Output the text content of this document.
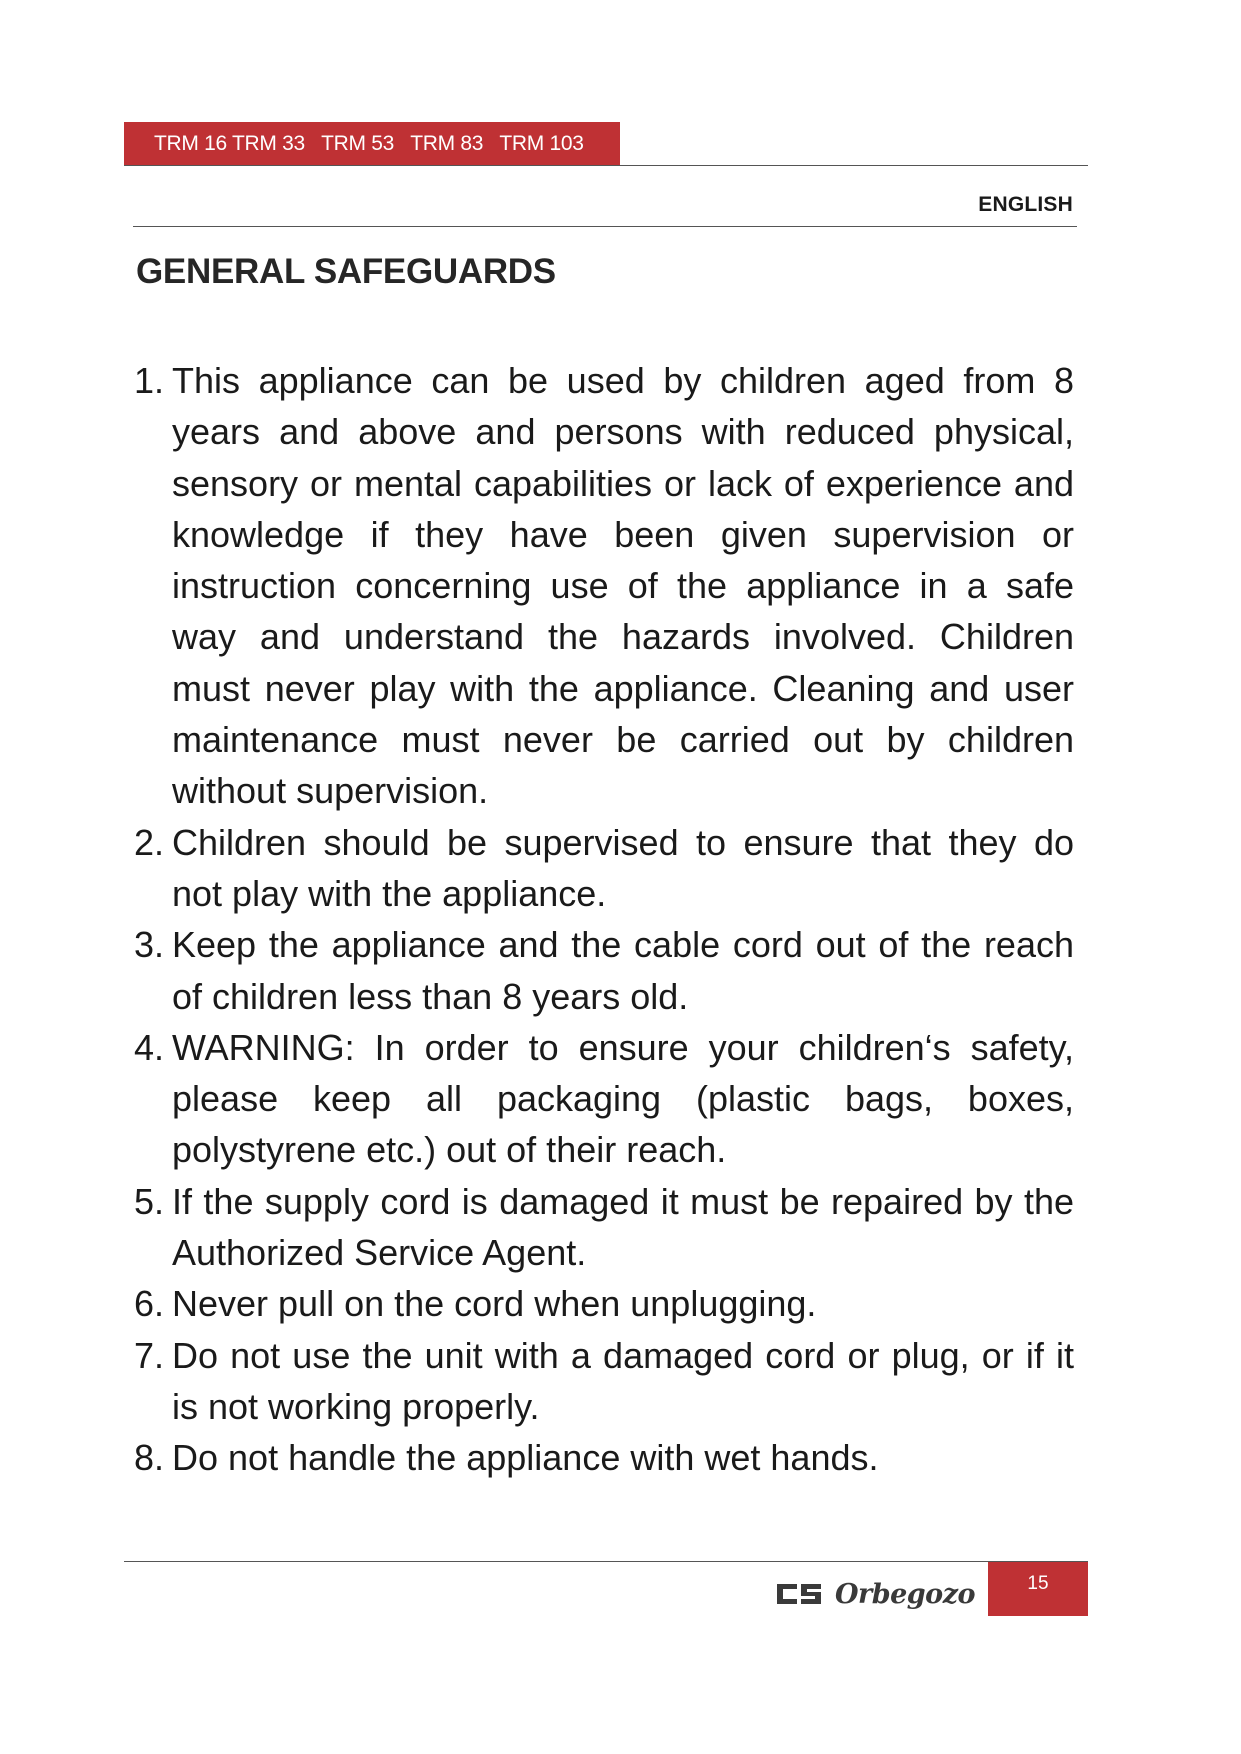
TRM 16 TRM 33   TRM 53   TRM 83   TRM 103
ENGLISH
GENERAL SAFEGUARDS
1. This appliance can be used by children aged from 8 years and above and persons with reduced physical, sensory or mental capabilities or lack of experience and knowledge if they have been given supervision or instruction concerning use of the appliance in a safe way and understand the hazards involved. Children must never play with the appliance. Cleaning and user maintenance must never be carried out by children without supervision.
2. Children should be supervised to ensure that they do not play with the appliance.
3. Keep the appliance and the cable cord out of the reach of children less than 8 years old.
4. WARNING: In order to ensure your children‘s safety, please keep all packaging (plastic bags, boxes, polystyrene etc.) out of their reach.
5. If the supply cord is damaged it must be repaired by the Authorized Service Agent.
6. Never pull on the cord when unplugging.
7. Do not use the unit with a damaged cord or plug, or if it is not working properly.
8. Do not handle the appliance with wet hands.
Orbegozo	15
